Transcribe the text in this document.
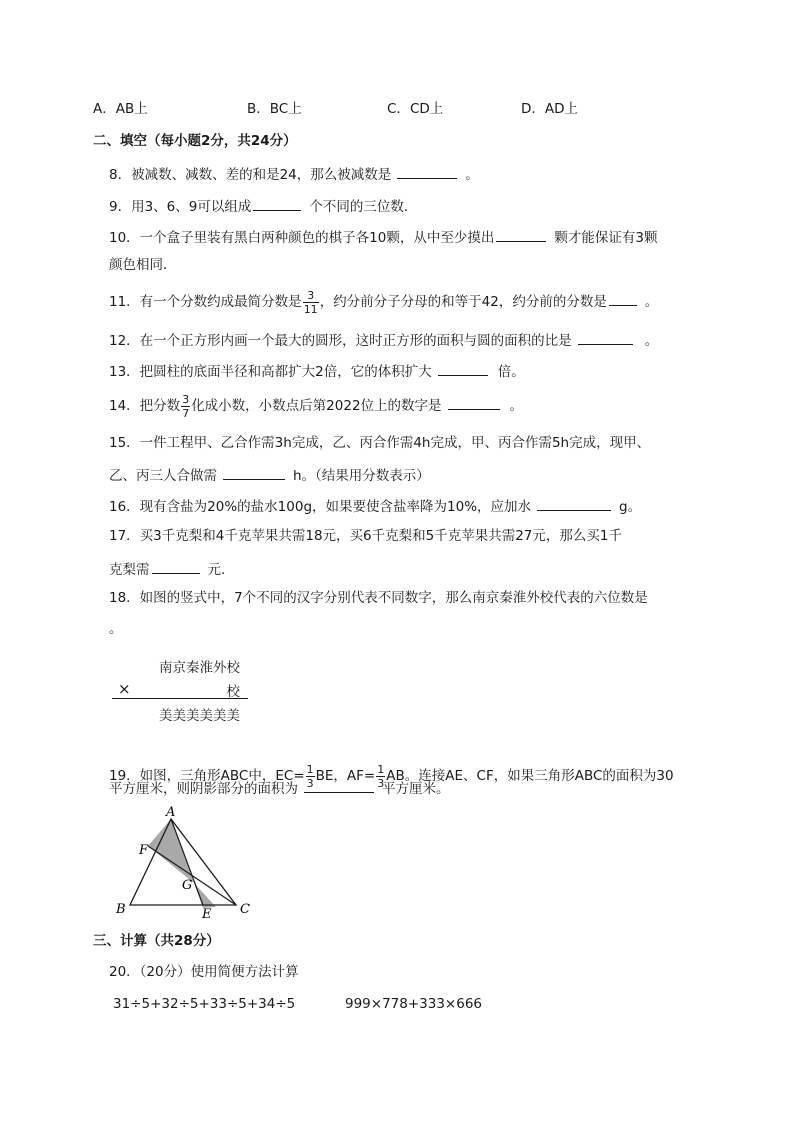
A．AB上	B．BC上	C．CD上	D．AD上
二、填空（每小题2分，共24分）
8．被减数、减数、差的和是24，那么被减数是	。
9．用3、6、9可以组成	个不同的三位数．
10．一个盒子里装有黑白两种颜色的棋子各10颗，从中至少摸出	颗才能保证有3颗
颜色相同．
11．有一个分数约成最简分数是 $\frac{3}{11}$ ，约分前分子分母的和等于42，约分前的分数是	。
12．在一个正方形内画一个最大的圆形，这时正方形的面积与圆的面积的比是	。
13．把圆柱的底面半径和高都扩大2倍，它的体积扩大	倍。
14．把分数 $\frac{3}{7}$ 化成小数，小数点后第2022位上的数字是	。
15．一件工程甲、乙合作需3h完成，乙、丙合作需4h完成，甲、丙合作需5h完成，现甲、
乙、丙三人合做需	h。（结果用分数表示）
16．现有含盐为20%的盐水100g，如果要使含盐率降为10%，应加水	g。
17．买3千克梨和4千克苹果共需18元，买6千克梨和5千克苹果共需27元，那么买1千
克梨需	元．
18．如图的竖式中，7个不同的汉字分别代表不同数字，那么南京秦淮外校代表的六位数是
。
南京秦淮外校
×	校
美美美美美美
19．如图，三角形ABC中，$EC= \frac{1}{3}$ BE，$AF= \frac{1}{3}$ AB。连接AE、CF，如果三角形ABC的面积为30
平方厘米，则阴影部分的面积为	平方厘米。
A
B	C
E
F
G
三、计算（共28分）
20．（20分）使用简便方法计算
31÷5+32÷5+33÷5+34÷5	999×778+333×666
